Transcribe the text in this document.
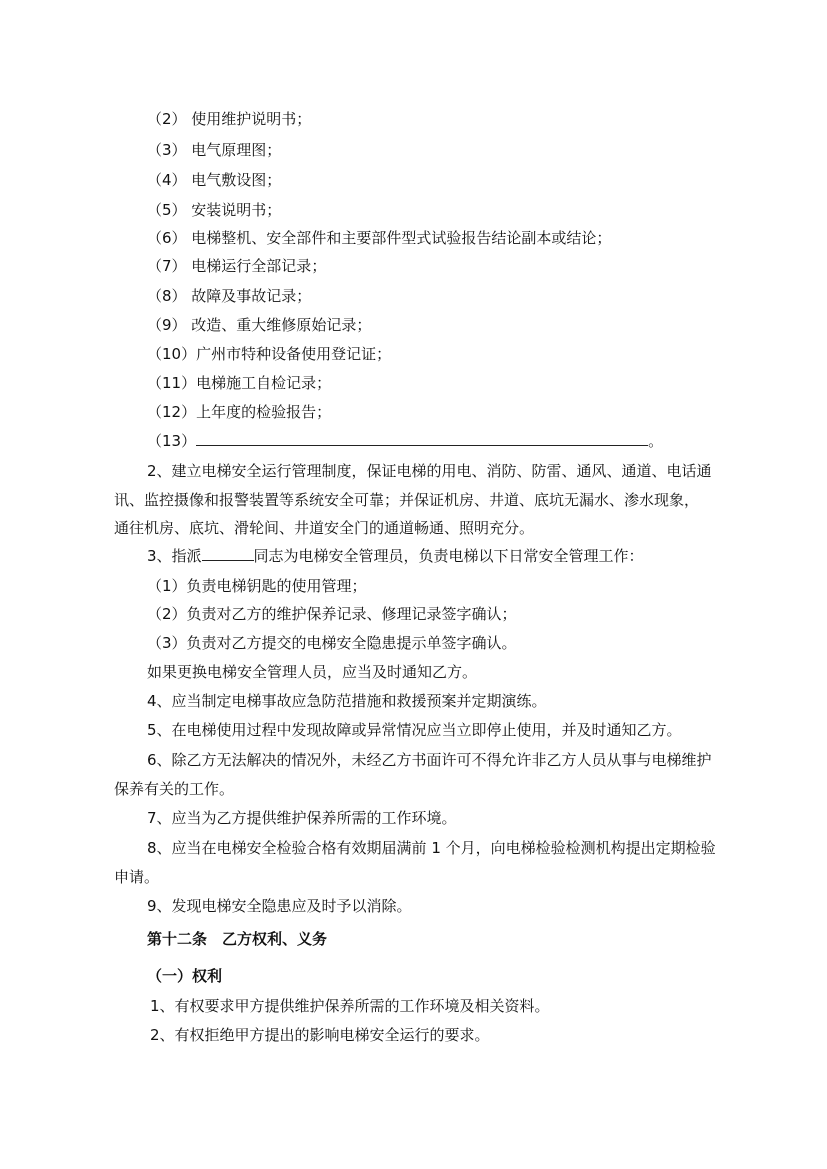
（2） 使用维护说明书；
（3） 电气原理图；
（4） 电气敷设图；
（5） 安装说明书；
（6） 电梯整机、安全部件和主要部件型式试验报告结论副本或结论；
（7） 电梯运行全部记录；
（8） 故障及事故记录；
（9） 改造、重大维修原始记录；
（10）广州市特种设备使用登记证；
（11）电梯施工自检记录；
（12）上年度的检验报告；
（13）	。
2、建立电梯安全运行管理制度，保证电梯的用电、消防、防雷、通风、通道、电话通
讯、监控摄像和报警装置等系统安全可靠；并保证机房、井道、底坑无漏水、渗水现象，
通往机房、底坑、滑轮间、井道安全门的通道畅通、照明充分。
3、指派	同志为电梯安全管理员，负责电梯以下日常安全管理工作：
（1）负责电梯钥匙的使用管理；
（2）负责对乙方的维护保养记录、修理记录签字确认；
（3）负责对乙方提交的电梯安全隐患提示单签字确认。
如果更换电梯安全管理人员，应当及时通知乙方。
4、应当制定电梯事故应急防范措施和救援预案并定期演练。
5、在电梯使用过程中发现故障或异常情况应当立即停止使用，并及时通知乙方。
6、除乙方无法解决的情况外，未经乙方书面许可不得允许非乙方人员从事与电梯维护
保养有关的工作。
7、应当为乙方提供维护保养所需的工作环境。
8、应当在电梯安全检验合格有效期届满前 1 个月，向电梯检验检测机构提出定期检验
申请。
9、发现电梯安全隐患应及时予以消除。
第十二条　乙方权利、义务
（一）权利
1、有权要求甲方提供维护保养所需的工作环境及相关资料。
2、有权拒绝甲方提出的影响电梯安全运行的要求。
